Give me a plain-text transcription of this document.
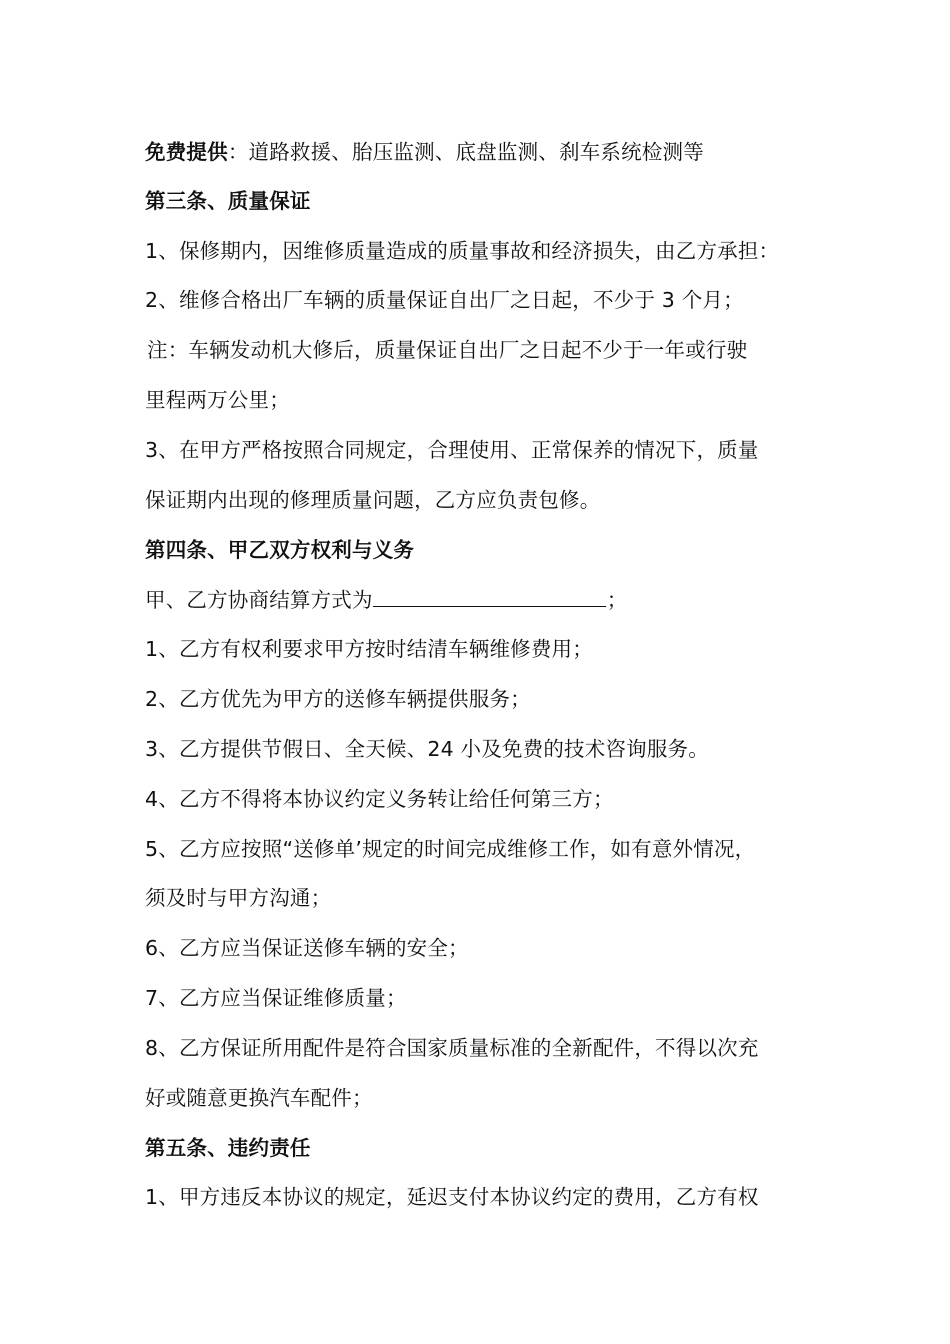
免费提供：道路救援、胎压监测、底盘监测、刹车系统检测等
第三条、质量保证
1、保修期内，因维修质量造成的质量事故和经济损失，由乙方承担：
2、维修合格出厂车辆的质量保证自出厂之日起，不少于 3 个月；
注：车辆发动机大修后，质量保证自出厂之日起不少于一年或行驶
里程两万公里；
3、在甲方严格按照合同规定，合理使用、正常保养的情况下，质量
保证期内出现的修理质量问题，乙方应负责包修。
第四条、甲乙双方权利与义务
甲、乙方协商结算方式为	；
1、乙方有权利要求甲方按时结清车辆维修费用；
2、乙方优先为甲方的送修车辆提供服务；
3、乙方提供节假日、全天候、24 小及免费的技术咨询服务。
4、乙方不得将本协议约定义务转让给任何第三方；
5、乙方应按照“送修单’规定的时间完成维修工作，如有意外情况，
须及时与甲方沟通；
6、乙方应当保证送修车辆的安全；
7、乙方应当保证维修质量；
8、乙方保证所用配件是符合国家质量标准的全新配件，不得以次充
好或随意更换汽车配件；
第五条、违约责任
1、甲方违反本协议的规定，延迟支付本协议约定的费用，乙方有权
